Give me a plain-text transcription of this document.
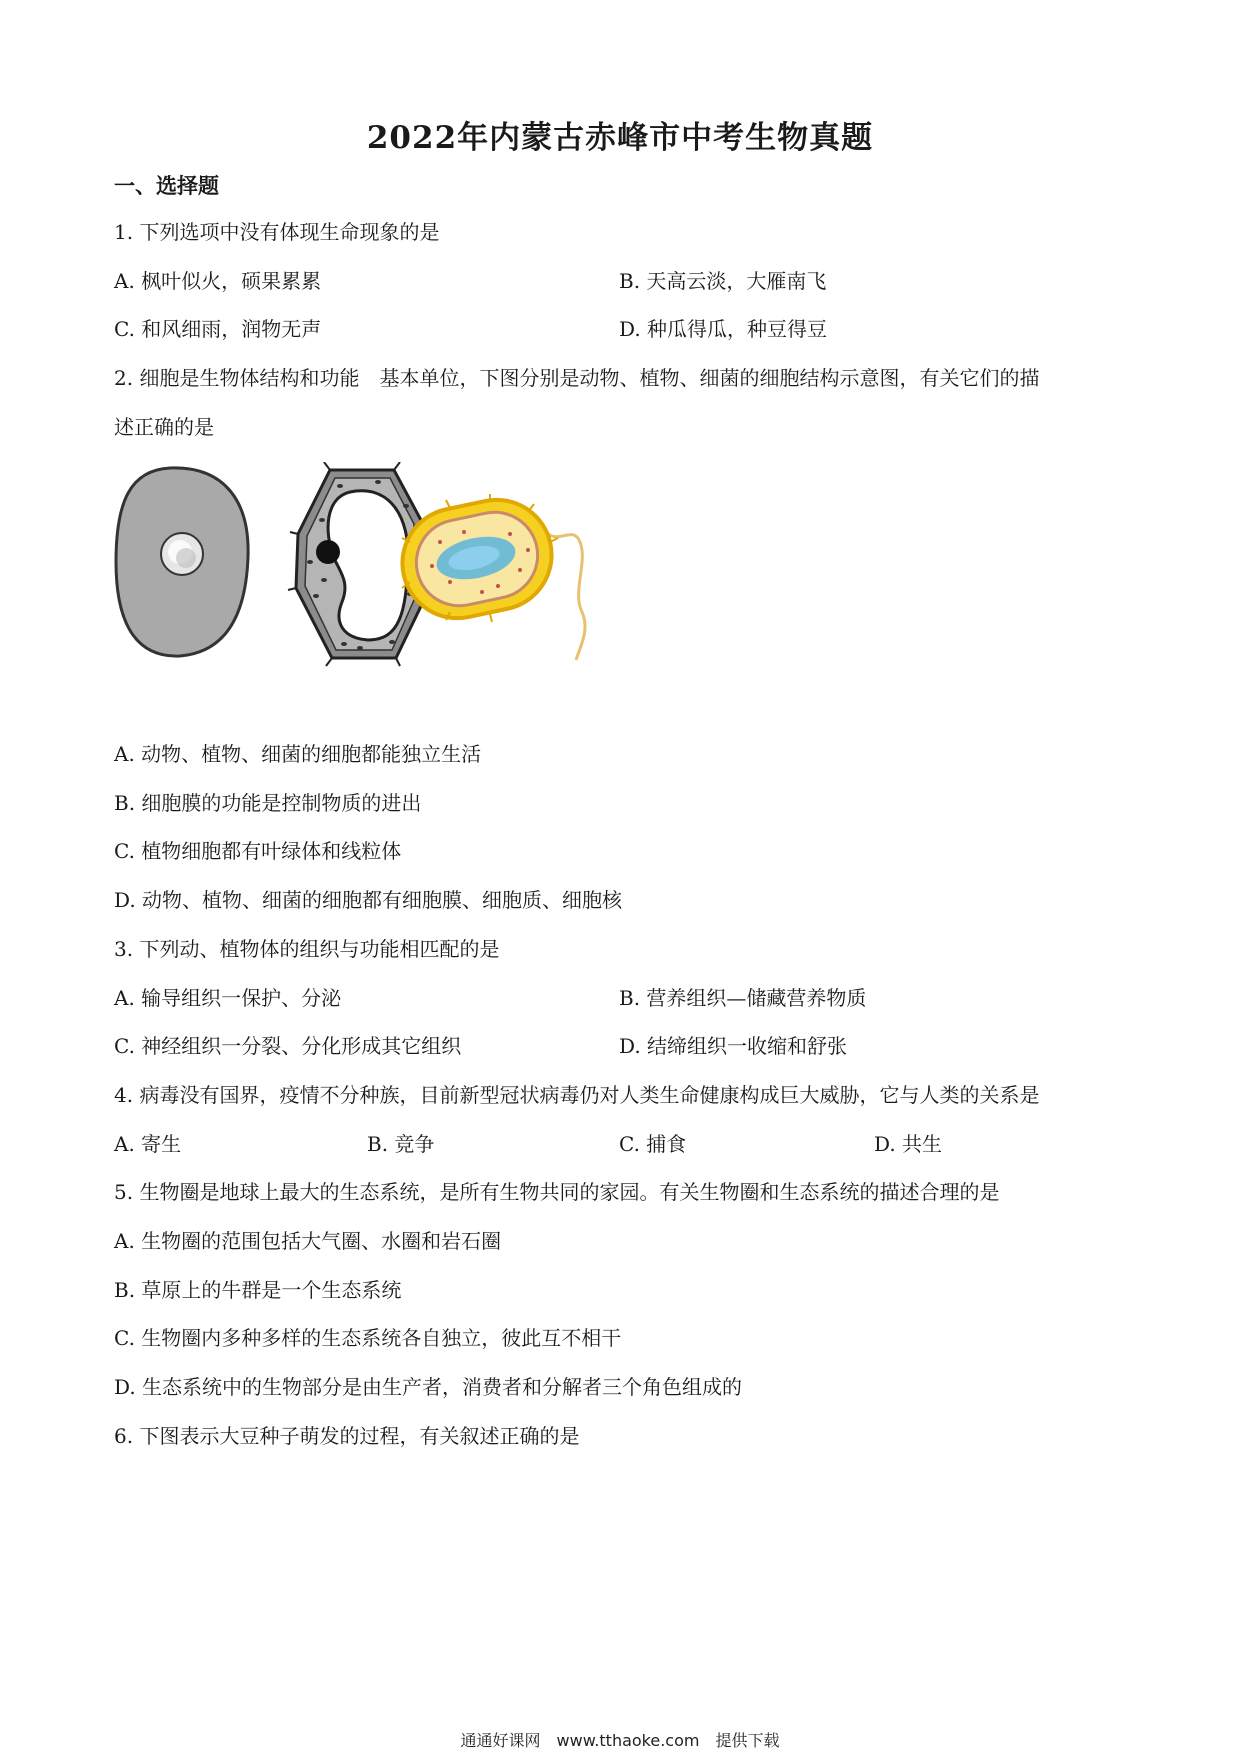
2022年内蒙古赤峰市中考生物真题
一、选择题
1. 下列选项中没有体现生命现象的是
A. 枫叶似火，硕果累累	B. 天高云淡，大雁南飞
C. 和风细雨，润物无声	D. 种瓜得瓜，种豆得豆
2. 细胞是生物体结构和功能　基本单位，下图分别是动物、植物、细菌的细胞结构示意图，有关它们的描
述正确的是
A. 动物、植物、细菌的细胞都能独立生活
B. 细胞膜的功能是控制物质的进出
C. 植物细胞都有叶绿体和线粒体
D. 动物、植物、细菌的细胞都有细胞膜、细胞质、细胞核
3. 下列动、植物体的组织与功能相匹配的是
A. 输导组织一保护、分泌	B. 营养组织—储藏营养物质
C. 神经组织一分裂、分化形成其它组织	D. 结缔组织一收缩和舒张
4. 病毒没有国界，疫情不分种族，目前新型冠状病毒仍对人类生命健康构成巨大威胁，它与人类的关系是
A. 寄生	B. 竞争	C. 捕食	D. 共生
5. 生物圈是地球上最大的生态系统，是所有生物共同的家园。有关生物圈和生态系统的描述合理的是
A. 生物圈的范围包括大气圈、水圈和岩石圈
B. 草原上的牛群是一个生态系统
C. 生物圈内多种多样的生态系统各自独立，彼此互不相干
D. 生态系统中的生物部分是由生产者，消费者和分解者三个角色组成的
6. 下图表示大豆种子萌发的过程，有关叙述正确的是
通通好课网　www.tthaoke.com　提供下载
